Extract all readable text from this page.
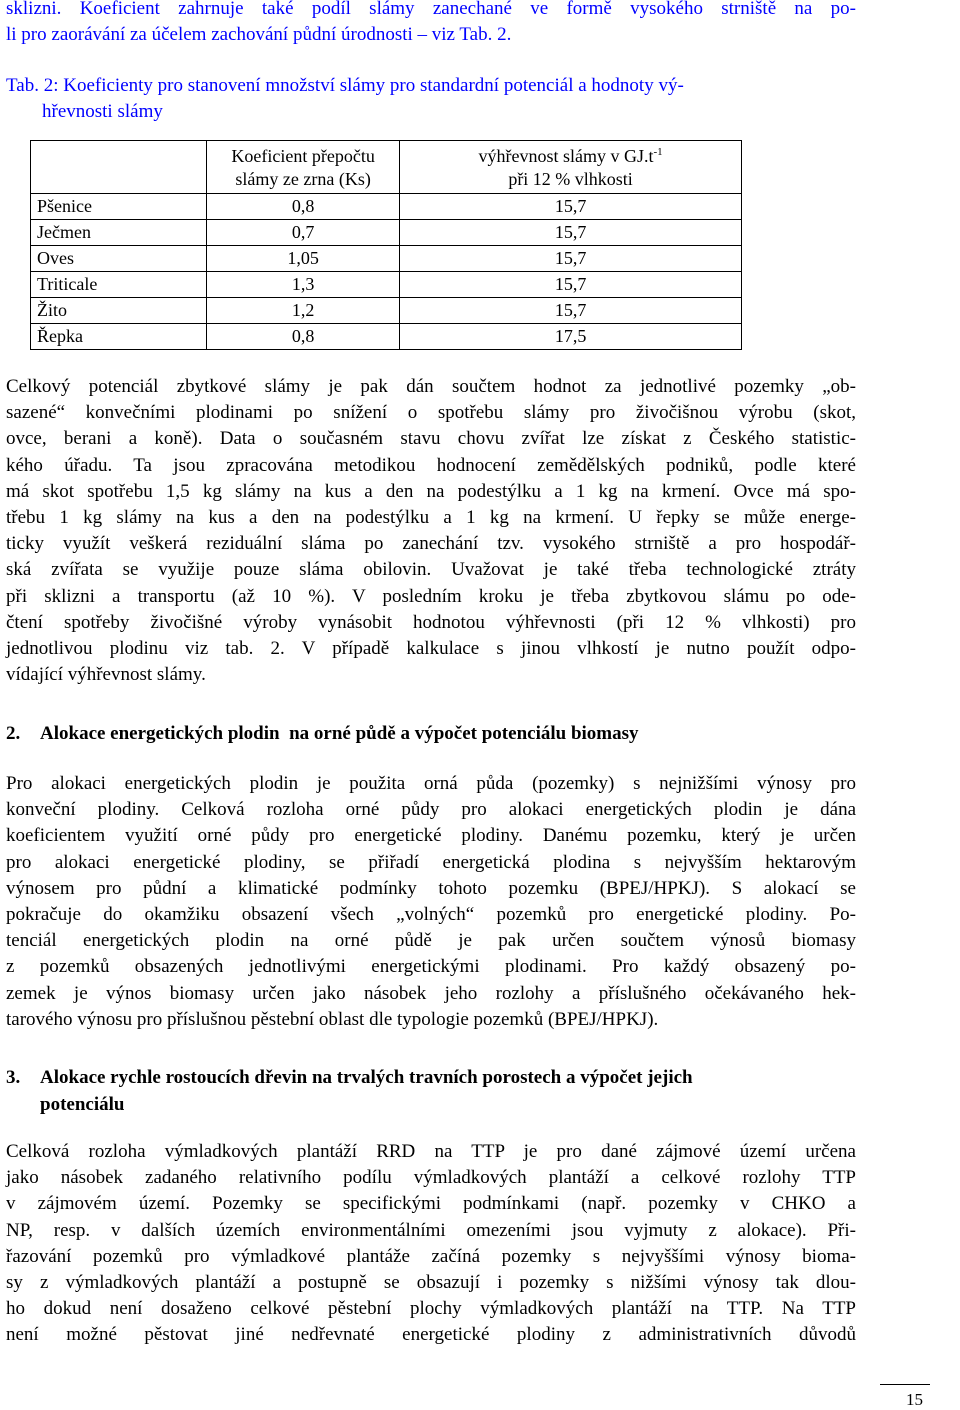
sklizni. Koeficient zahrnuje také podíl slámy zanechané ve formě vysokého strniště na po-
li pro zaorávání za účelem zachování půdní úrodnosti – viz Tab. 2.
Tab. 2: Koeficienty pro stanovení množství slámy pro standardní potenciál a hodnoty vý-
hřevnosti slámy
	Koeficient přepočtu
slámy ze zrna (Ks)	výhřevnost slámy v $GJ.t^{-1}$
při 12 % vlhkosti
Pšenice	0,8	15,7
Ječmen	0,7	15,7
Oves	1,05	15,7
Triticale	1,3	15,7
Žito	1,2	15,7
Řepka	0,8	17,5
Celkový potenciál zbytkové slámy je pak dán součtem hodnot za jednotlivé pozemky „ob-
sazené“ konvečními plodinami po snížení o spotřebu slámy pro živočišnou výrobu (skot,
ovce, berani a koně). Data o současném stavu chovu zvířat lze získat z Českého statistic-
kého úřadu. Ta jsou zpracována metodikou hodnocení zemědělských podniků, podle které
má skot spotřebu 1,5 kg slámy na kus a den na podestýlku a 1 kg na krmení. Ovce má spo-
třebu 1 kg slámy na kus a den na podestýlku a 1 kg na krmení. U řepky se může energe-
ticky využít veškerá reziduální sláma po zanechání tzv. vysokého strniště a pro hospodář-
ská zvířata se využije pouze sláma obilovin. Uvažovat je také třeba technologické ztráty
při sklizni a transportu (až 10 %). V posledním kroku je třeba zbytkovou slámu po ode-
čtení spotřeby živočišné výroby vynásobit hodnotou výhřevnosti (při 12 % vlhkosti) pro
jednotlivou plodinu viz tab. 2. V případě kalkulace s jinou vlhkostí je nutno použít odpo-
vídající výhřevnost slámy.
2. Alokace energetických plodin  na orné půdě a výpočet potenciálu biomasy
Pro alokaci energetických plodin je použita orná půda (pozemky) s nejnižšími výnosy pro
konveční plodiny. Celková rozloha orné půdy pro alokaci energetických plodin je dána
koeficientem využití orné půdy pro energetické plodiny. Danému pozemku, který je určen
pro alokaci energetické plodiny, se přiřadí energetická plodina s nejvyšším hektarovým
výnosem pro půdní a klimatické podmínky tohoto pozemku (BPEJ/HPKJ). S alokací se
pokračuje do okamžiku obsazení všech „volných“ pozemků pro energetické plodiny. Po-
tenciál energetických plodin na orné půdě je pak určen součtem výnosů biomasy
z pozemků obsazených jednotlivými energetickými plodinami. Pro každý obsazený po-
zemek je výnos biomasy určen jako násobek jeho rozlohy a příslušného očekávaného hek-
tarového výnosu pro příslušnou pěstební oblast dle typologie pozemků (BPEJ/HPKJ).
3. Alokace rychle rostoucích dřevin na trvalých travních porostech a výpočet jejich
potenciálu
Celková rozloha výmladkových plantáží RRD na TTP je pro dané zájmové území určena
jako násobek zadaného relativního podílu výmladkových plantáží a celkové rozlohy TTP
v zájmovém území. Pozemky se specifickými podmínkami (např. pozemky v CHKO a
NP, resp. v dalších územích environmentálními omezeními jsou vyjmuty z alokace). Při-
řazování pozemků pro výmladkové plantáže začíná pozemky s nejvyššími výnosy bioma-
sy z výmladkových plantáží a postupně se obsazují i pozemky s nižšími výnosy tak dlou-
ho dokud není dosaženo celkové pěstební plochy výmladkových plantáží na TTP. Na TTP
není možné pěstovat jiné nedřevnaté energetické plodiny z administrativních důvodů
15
